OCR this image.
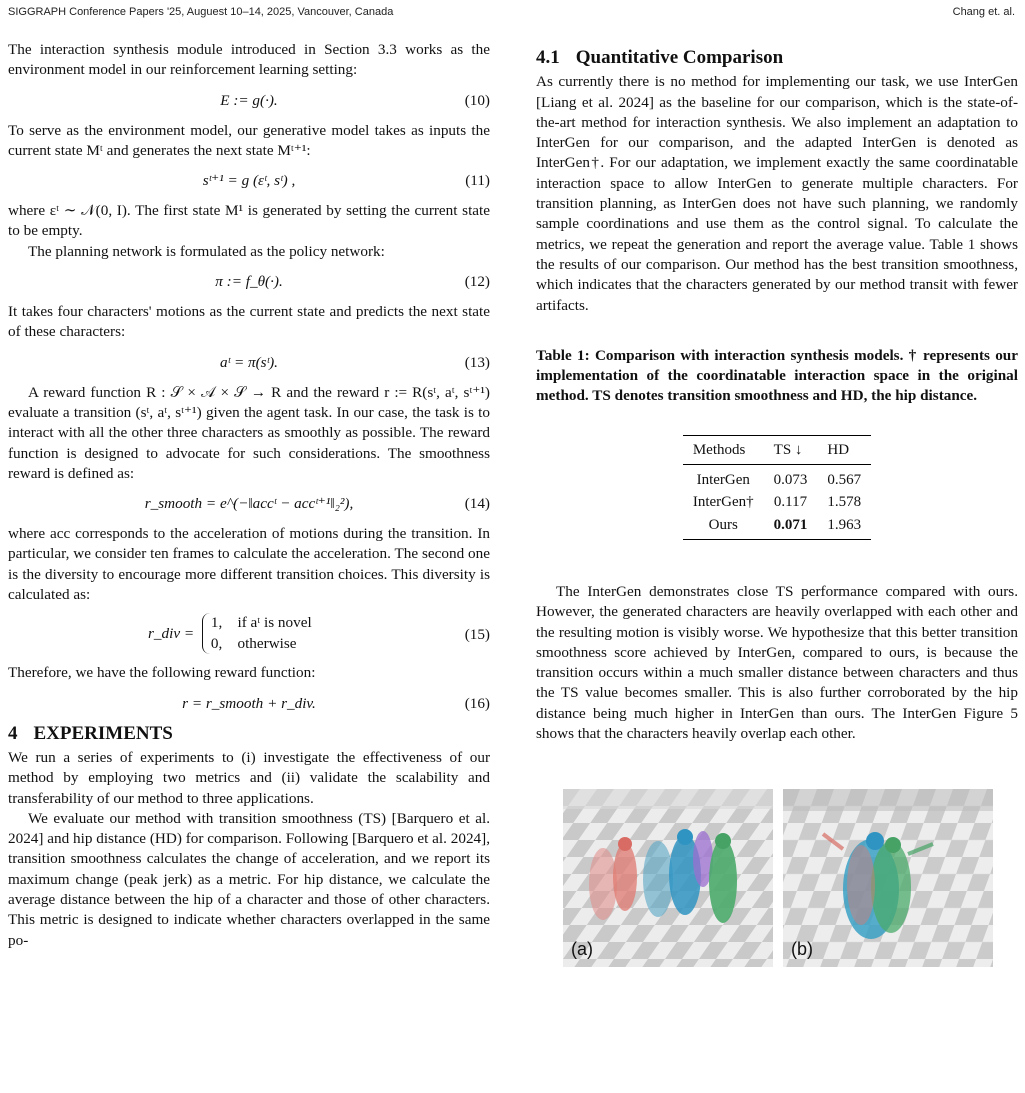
SIGGRAPH Conference Papers '25, Auguest 10–14, 2025, Vancouver, Canada	Chang et. al.

The interaction synthesis module introduced in Section 3.3 works as the environment model in our reinforcement learning setting:

E := g(·).	(10)

To serve as the environment model, our generative model takes as inputs the current state Mᵗ and generates the next state Mᵗ⁺¹:

sᵗ⁺¹ = g (εᵗ, sᵗ) ,	(11)

where εᵗ ∼ 𝒩(0, I). The first state M¹ is generated by setting the current state to be empty.

The planning network is formulated as the policy network:

π := f_θ(·).	(12)

It takes four characters' motions as the current state and predicts the next state of these characters:

aᵗ = π(sᵗ).	(13)

A reward function R : 𝒮 × 𝒜 × 𝒮 → R and the reward r := R(sᵗ, aᵗ, sᵗ⁺¹) evaluate a transition (sᵗ, aᵗ, sᵗ⁺¹) given the agent task. In our case, the task is to interact with all the other three characters as smoothly as possible. The reward function is designed to advocate for such considerations. The smoothness reward is defined as:

r_smooth = e^(−‖accᵗ − accᵗ⁺¹‖₂²),	(14)

where acc corresponds to the acceleration of motions during the transition. In particular, we consider ten frames to calculate the acceleration. The second one is the diversity to encourage more different transition choices. This diversity is calculated as:

r_div =
1,    if aᵗ is novel
0,    otherwise	(15)

Therefore, we have the following reward function:

r = r_smooth + r_div.	(16)
4 EXPERIMENTS

We run a series of experiments to (i) investigate the effectiveness of our method by employing two metrics and (ii) validate the scalability and transferability of our method to three applications.

We evaluate our method with transition smoothness (TS) [Barquero et al. 2024] and hip distance (HD) for comparison. Following [Barquero et al. 2024], transition smoothness calculates the change of acceleration, and we report its maximum change (peak jerk) as a metric. For hip distance, we calculate the average distance between the hip of a character and those of other characters. This metric is designed to indicate whether characters overlapped in the same po-

4.1 Quantitative Comparison

As currently there is no method for implementing our task, we use InterGen [Liang et al. 2024] as the baseline for our comparison, which is the state-of-the-art method for interaction synthesis. We also implement an adaptation to InterGen for our comparison, and the adapted InterGen is denoted as InterGen†. For our adaptation, we implement exactly the same coordinatable interaction space to allow InterGen to generate multiple characters. For transition planning, as InterGen does not have such planning, we randomly sample coordinations and use them as the control signal. To calculate the metrics, we repeat the generation and report the average value. Table 1 shows the results of our comparison. Our method has the best transition smoothness, which indicates that the characters generated by our method transit with fewer artifacts.

Table 1: Comparison with interaction synthesis models. † represents our implementation of the coordinatable interaction space in the original method. TS denotes transition smoothness and HD, the hip distance.

Methods	TS ↓	HD
InterGen	0.073	0.567
InterGen†	0.117	1.578
Ours	0.071	1.963

The InterGen demonstrates close TS performance compared with ours. However, the generated characters are heavily overlapped with each other and the resulting motion is visibly worse. We hypothesize that this better transition smoothness score achieved by InterGen, compared to ours, is because the transition occurs within a much smaller distance between characters and thus the TS value becomes smaller. This is also further corroborated by the hip distance being much higher in InterGen than ours. The InterGen Figure 5 shows that the characters heavily overlap each other.

(a)	(b)
